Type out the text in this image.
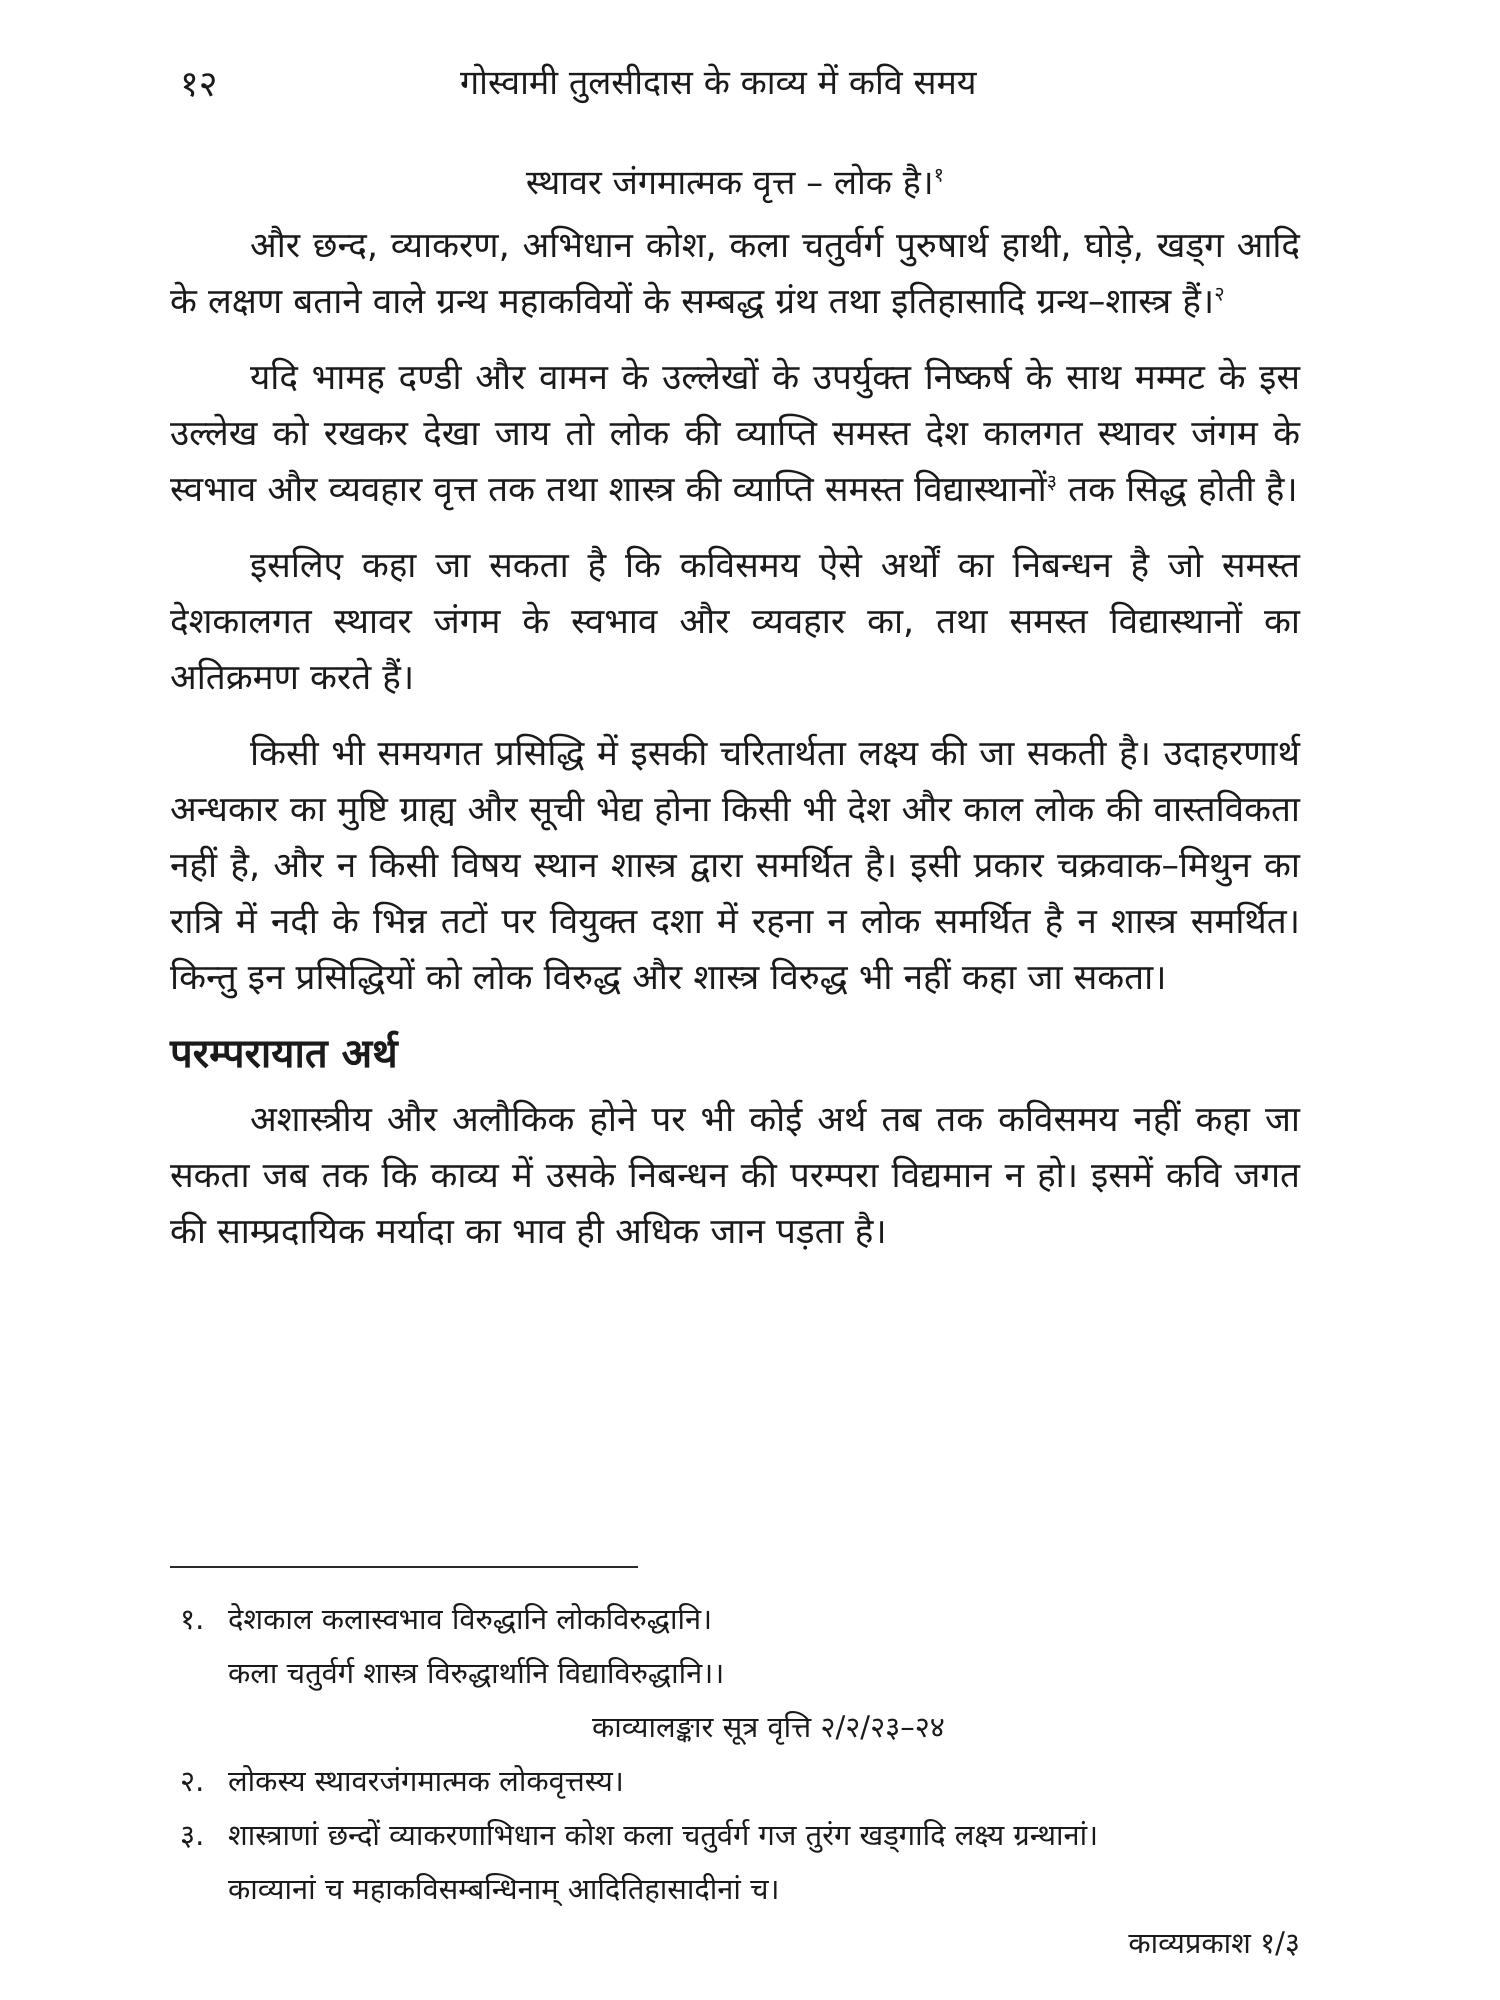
१२	गोस्वामी तुलसीदास के काव्य में कवि समय

स्थावर जंगमात्मक वृत्त – लोक है।$^१$

और छन्द, व्याकरण, अभिधान कोश, कला चतुर्वर्ग पुरुषार्थ हाथी, घोड़े, खड्ग आदि के लक्षण बताने वाले ग्रन्थ महाकवियों के सम्बद्ध ग्रंथ तथा इतिहासादि ग्रन्थ–शास्त्र हैं।$^२$

यदि भामह दण्डी और वामन के उल्लेखों के उपर्युक्त निष्कर्ष के साथ मम्मट के इस उल्लेख को रखकर देखा जाय तो लोक की व्याप्ति समस्त देश कालगत स्थावर जंगम के स्वभाव और व्यवहार वृत्त तक तथा शास्त्र की व्याप्ति समस्त विद्यास्थानों$^३$ तक सिद्ध होती है।

इसलिए कहा जा सकता है कि कविसमय ऐसे अर्थों का निबन्धन है जो समस्त देशकालगत स्थावर जंगम के स्वभाव और व्यवहार का, तथा समस्त विद्यास्थानों का अतिक्रमण करते हैं।

किसी भी समयगत प्रसिद्धि में इसकी चरितार्थता लक्ष्य की जा सकती है। उदाहरणार्थ अन्धकार का मुष्टि ग्राह्य और सूची भेद्य होना किसी भी देश और काल लोक की वास्तविकता नहीं है, और न किसी विषय स्थान शास्त्र द्वारा समर्थित है। इसी प्रकार चक्रवाक–मिथुन का रात्रि में नदी के भिन्न तटों पर वियुक्त दशा में रहना न लोक समर्थित है न शास्त्र समर्थित। किन्तु इन प्रसिद्धियों को लोक विरुद्ध और शास्त्र विरुद्ध भी नहीं कहा जा सकता।

परम्परायात अर्थ

अशास्त्रीय और अलौकिक होने पर भी कोई अर्थ तब तक कविसमय नहीं कहा जा सकता जब तक कि काव्य में उसके निबन्धन की परम्परा विद्यमान न हो। इसमें कवि जगत की साम्प्रदायिक मर्यादा का भाव ही अधिक जान पड़ता है।

१. देशकाल कलास्वभाव विरुद्धानि लोकविरुद्धानि।
कला चतुर्वर्ग शास्त्र विरुद्धार्थानि विद्याविरुद्धानि।।
काव्यालङ्कार सूत्र वृत्ति २/२/२३–२४
२. लोकस्य स्थावरजंगमात्मक लोकवृत्तस्य।
३. शास्त्राणां छन्दों व्याकरणाभिधान कोश कला चतुर्वर्ग गज तुरंग खड्गादि लक्ष्य ग्रन्थानां।
काव्यानां च महाकविसम्बन्धिनाम् आदितिहासादीनां च।
काव्यप्रकाश १/३
